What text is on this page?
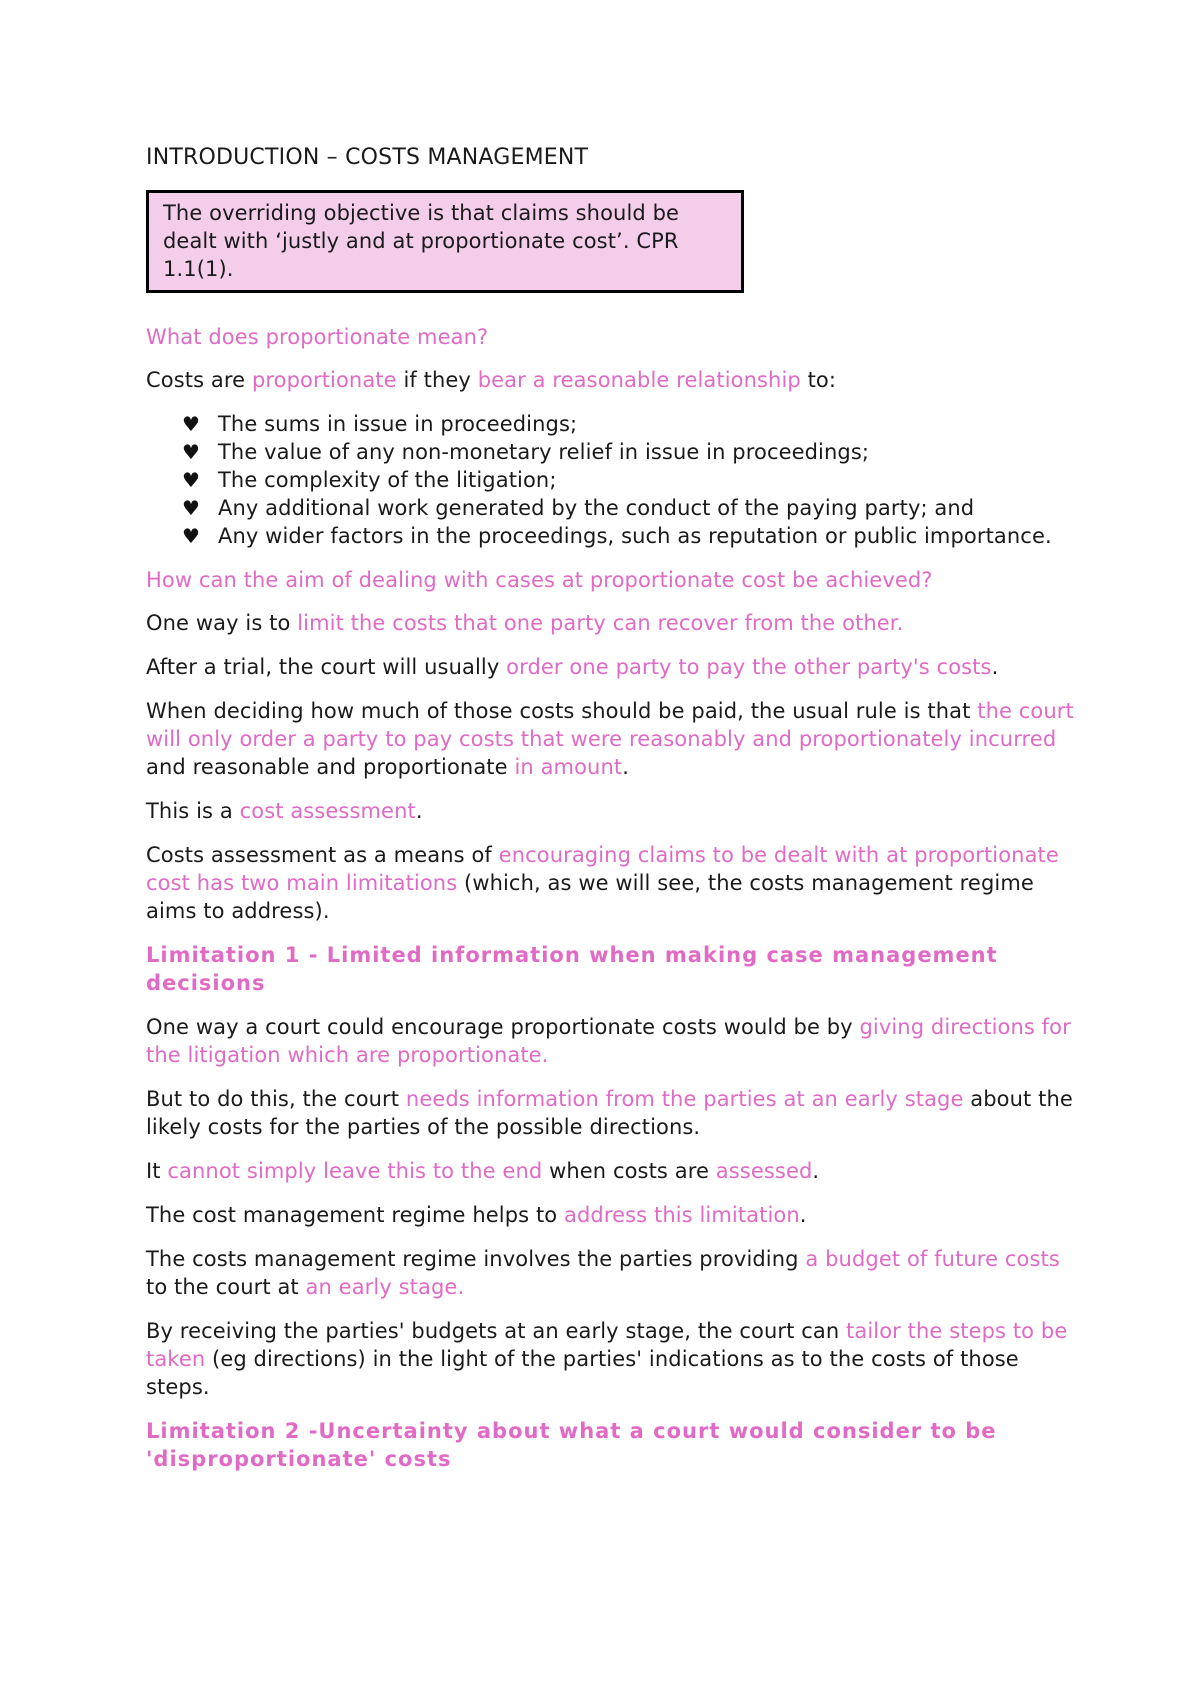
INTRODUCTION – COSTS MANAGEMENT
The overriding objective is that claims should be dealt with ‘justly and at proportionate cost’. CPR 1.1(1).

What does proportionate mean?

Costs are proportionate if they bear a reasonable relationship to:

♥ The sums in issue in proceedings;
♥ The value of any non-monetary relief in issue in proceedings;
♥ The complexity of the litigation;
♥ Any additional work generated by the conduct of the paying party; and
♥ Any wider factors in the proceedings, such as reputation or public importance.

How can the aim of dealing with cases at proportionate cost be achieved?

One way is to limit the costs that one party can recover from the other.

After a trial, the court will usually order one party to pay the other party's costs.

When deciding how much of those costs should be paid, the usual rule is that the court will only order a party to pay costs that were reasonably and proportionately incurred and reasonable and proportionate in amount.

This is a cost assessment.

Costs assessment as a means of encouraging claims to be dealt with at proportionate cost has two main limitations (which, as we will see, the costs management regime aims to address).

Limitation 1 - Limited information when making case management decisions

One way a court could encourage proportionate costs would be by giving directions for the litigation which are proportionate.

But to do this, the court needs information from the parties at an early stage about the likely costs for the parties of the possible directions.

It cannot simply leave this to the end when costs are assessed.

The cost management regime helps to address this limitation.

The costs management regime involves the parties providing a budget of future costs to the court at an early stage.

By receiving the parties' budgets at an early stage, the court can tailor the steps to be taken (eg directions) in the light of the parties' indications as to the costs of those steps.

Limitation 2 -Uncertainty about what a court would consider to be 'disproportionate' costs
